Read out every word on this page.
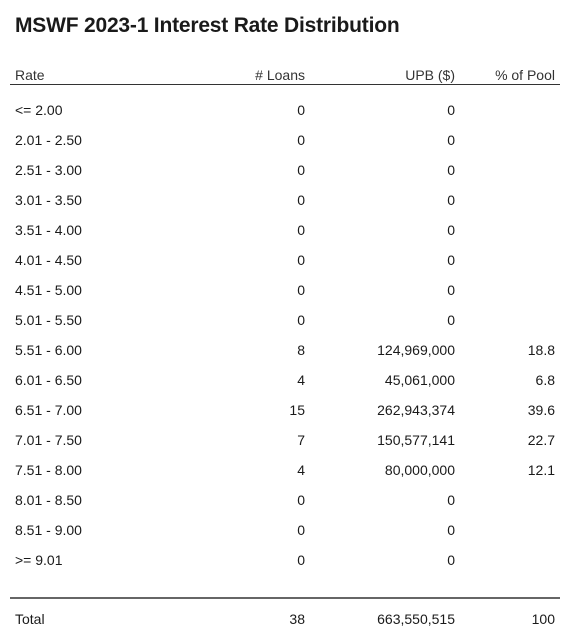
MSWF 2023-1 Interest Rate Distribution
Rate	# Loans	UPB ($)	% of Pool
<= 2.00	0	0
2.01 - 2.50	0	0
2.51 - 3.00	0	0
3.01 - 3.50	0	0
3.51 - 4.00	0	0
4.01 - 4.50	0	0
4.51 - 5.00	0	0
5.01 - 5.50	0	0
5.51 - 6.00	8	124,969,000	18.8
6.01 - 6.50	4	45,061,000	6.8
6.51 - 7.00	15	262,943,374	39.6
7.01 - 7.50	7	150,577,141	22.7
7.51 - 8.00	4	80,000,000	12.1
8.01 - 8.50	0	0
8.51 - 9.00	0	0
>= 9.01	0	0
Total	38	663,550,515	100
